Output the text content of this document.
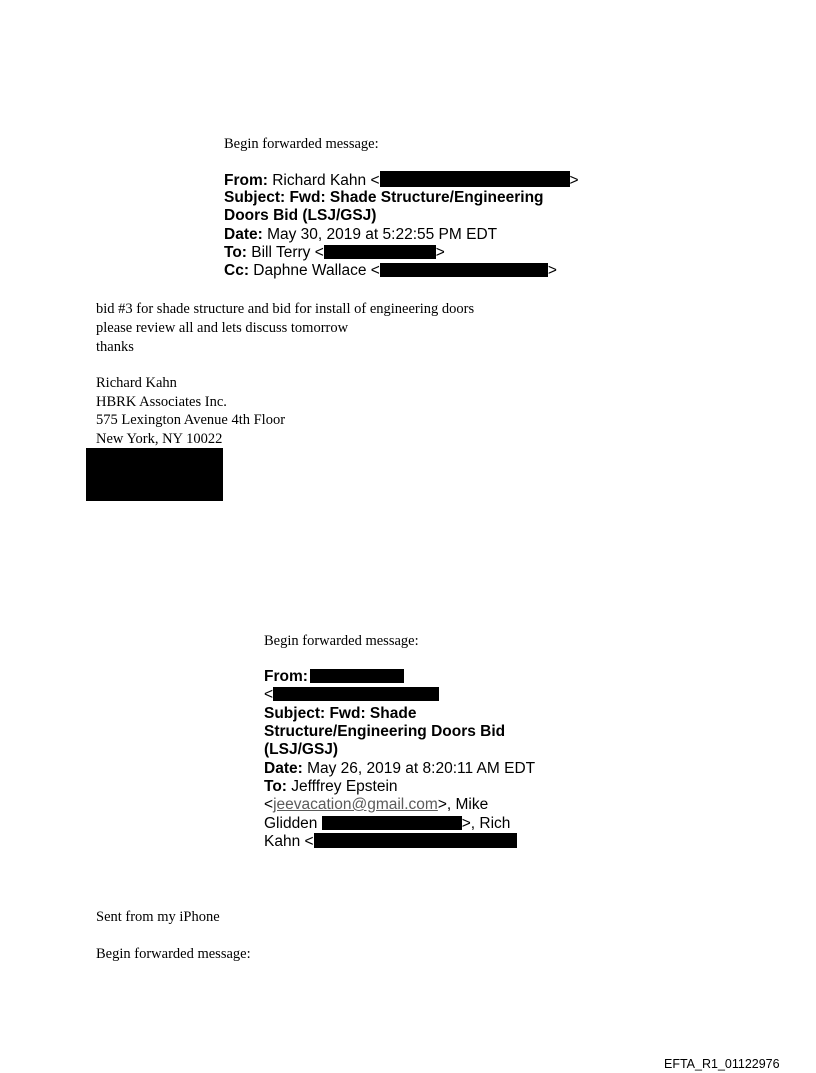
Begin forwarded message:
From: Richard Kahn <	>
Subject: Fwd: Shade Structure/Engineering
Doors Bid (LSJ/GSJ)
Date: May 30, 2019 at 5:22:55 PM EDT
To: Bill Terry <	>
Cc: Daphne Wallace <	>
bid #3 for shade structure and bid for install of engineering doors
please review all and lets discuss tomorrow
thanks
Richard Kahn
HBRK Associates Inc.
575 Lexington Avenue 4th Floor
New York, NY 10022
Begin forwarded message:
From:
<
Subject: Fwd: Shade
Structure/Engineering Doors Bid
(LSJ/GSJ)
Date: May 26, 2019 at 8:20:11 AM EDT
To: Jefffrey Epstein
<jeevacation@gmail.com>, Mike
Glidden	>, Rich
Kahn <
Sent from my iPhone
Begin forwarded message:
EFTA_R1_01122976
